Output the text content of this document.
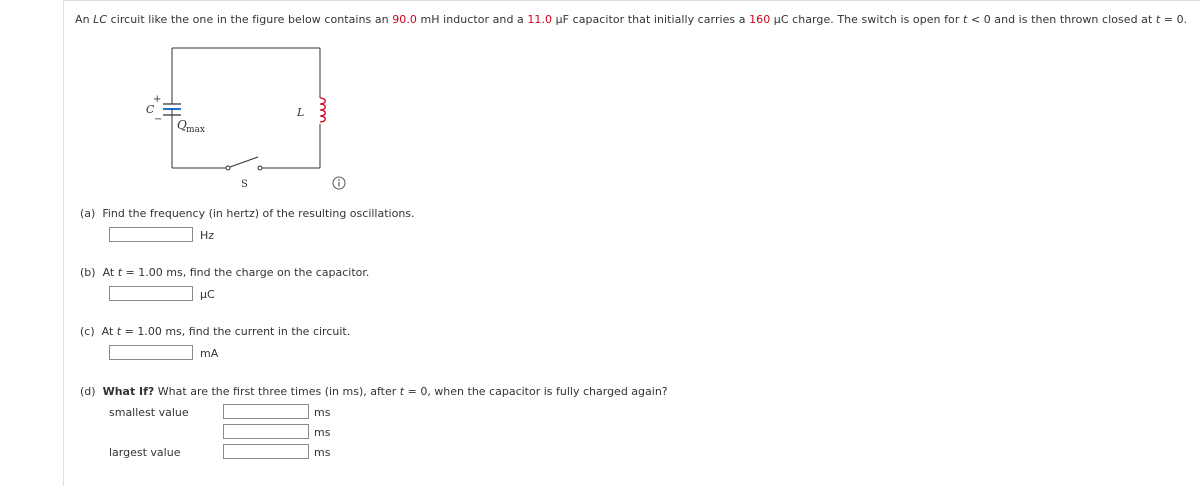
An LC circuit like the one in the figure below contains an 90.0 mH inductor and a 11.0 μF capacitor that initially carries a 160 μC charge. The switch is open for t < 0 and is then thrown closed at t = 0.
C
+
− Q max
L
S
(a) Find the frequency (in hertz) of the resulting oscillations.
Hz
(b) At t = 1.00 ms, find the charge on the capacitor.
μC
(c) At t = 1.00 ms, find the current in the circuit.
mA
(d) What If? What are the first three times (in ms), after t = 0, when the capacitor is fully charged again?
smallest value	ms
ms
largest value	ms
